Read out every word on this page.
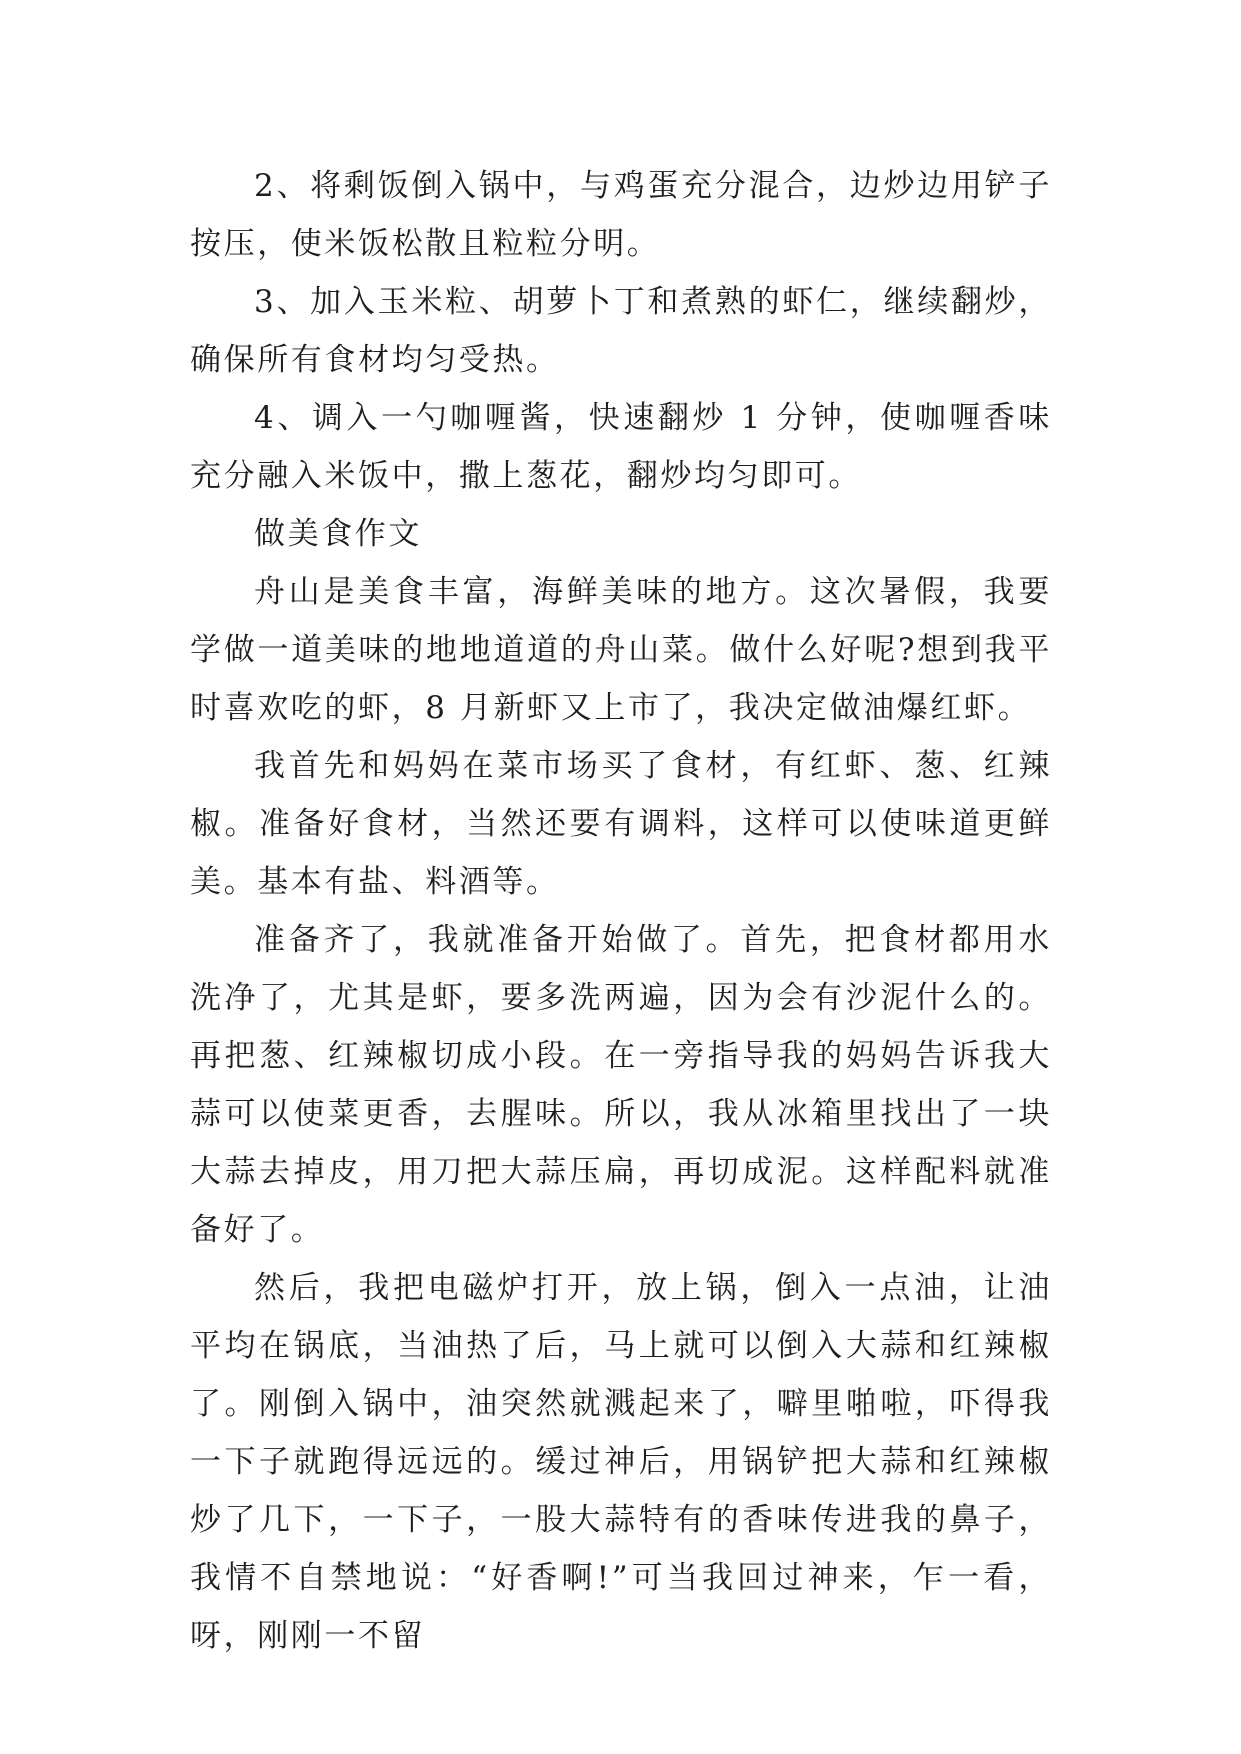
2、将剩饭倒入锅中，与鸡蛋充分混合，边炒边用铲子按压，使米饭松散且粒粒分明。

3、加入玉米粒、胡萝卜丁和煮熟的虾仁，继续翻炒，确保所有食材均匀受热。

4、调入一勺咖喱酱，快速翻炒 1 分钟，使咖喱香味充分融入米饭中，撒上葱花，翻炒均匀即可。

做美食作文

舟山是美食丰富，海鲜美味的地方。这次暑假，我要学做一道美味的地地道道的舟山菜。做什么好呢?想到我平时喜欢吃的虾，8 月新虾又上市了，我决定做油爆红虾。

我首先和妈妈在菜市场买了食材，有红虾、葱、红辣椒。准备好食材，当然还要有调料，这样可以使味道更鲜美。基本有盐、料酒等。

准备齐了，我就准备开始做了。首先，把食材都用水洗净了，尤其是虾，要多洗两遍，因为会有沙泥什么的。再把葱、红辣椒切成小段。在一旁指导我的妈妈告诉我大蒜可以使菜更香，去腥味。所以，我从冰箱里找出了一块大蒜去掉皮，用刀把大蒜压扁，再切成泥。这样配料就准备好了。

然后，我把电磁炉打开，放上锅，倒入一点油，让油平均在锅底，当油热了后，马上就可以倒入大蒜和红辣椒了。刚倒入锅中，油突然就溅起来了，噼里啪啦，吓得我一下子就跑得远远的。缓过神后，用锅铲把大蒜和红辣椒炒了几下，一下子，一股大蒜特有的香味传进我的鼻子，我情不自禁地说：“好香啊!”可当我回过神来，乍一看，呀，刚刚一不留
